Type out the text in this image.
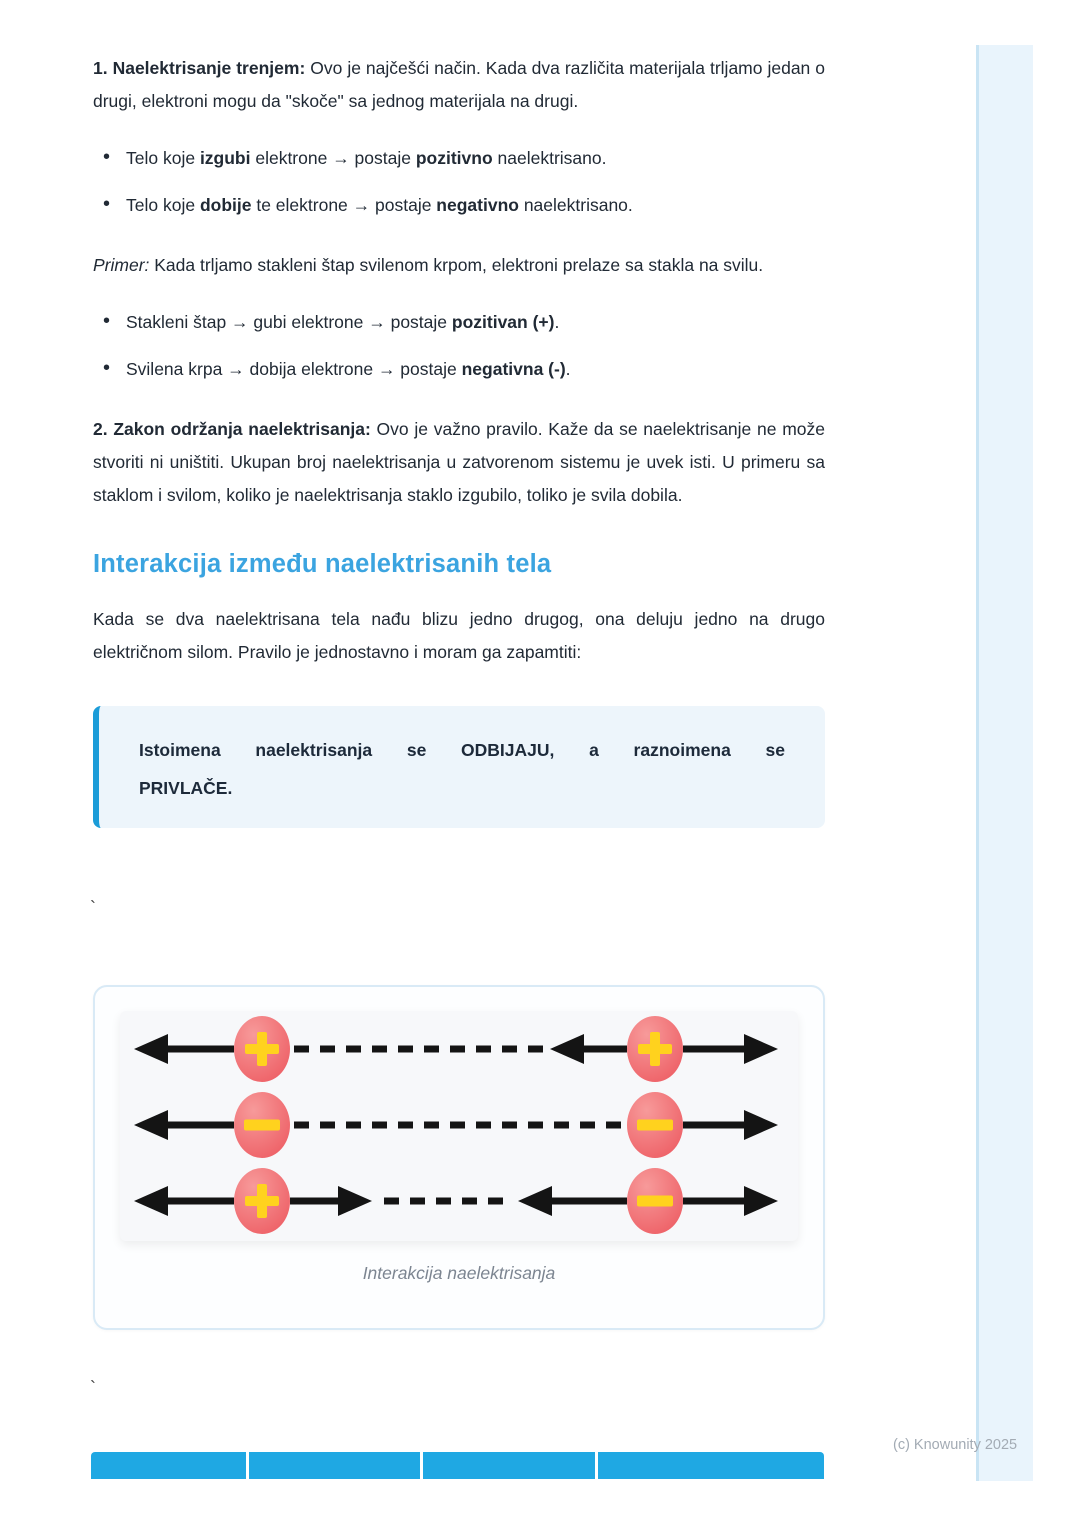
1. Naelektrisanje trenjem: Ovo je najčešći način. Kada dva različita materijala trljamo jedan o drugi, elektroni mogu da "skoče" sa jednog materijala na drugi.

• Telo koje izgubi elektrone → postaje pozitivno naelektrisano.
• Telo koje dobije te elektrone → postaje negativno naelektrisano.

Primer: Kada trljamo stakleni štap svilenom krpom, elektroni prelaze sa stakla na svilu.

• Stakleni štap → gubi elektrone → postaje pozitivan (+).
• Svilena krpa → dobija elektrone → postaje negativna (-).

2. Zakon održanja naelektrisanja: Ovo je važno pravilo. Kaže da se naelektrisanje ne može stvoriti ni uništiti. Ukupan broj naelektrisanja u zatvorenom sistemu je uvek isti. U primeru sa staklom i svilom, koliko je naelektrisanja staklo izgubilo, toliko je svila dobila.

Interakcija između naelektrisanih tela

Kada se dva naelektrisana tela nađu blizu jedno drugog, ona deluju jedno na drugo električnom silom. Pravilo je jednostavno i moram ga zapamtiti:

Istoimena naelektrisanja se ODBIJAJU, a raznoimena se
PRIVLAČE.
`
Interakcija naelektrisanja
`
(c) Knowunity 2025
